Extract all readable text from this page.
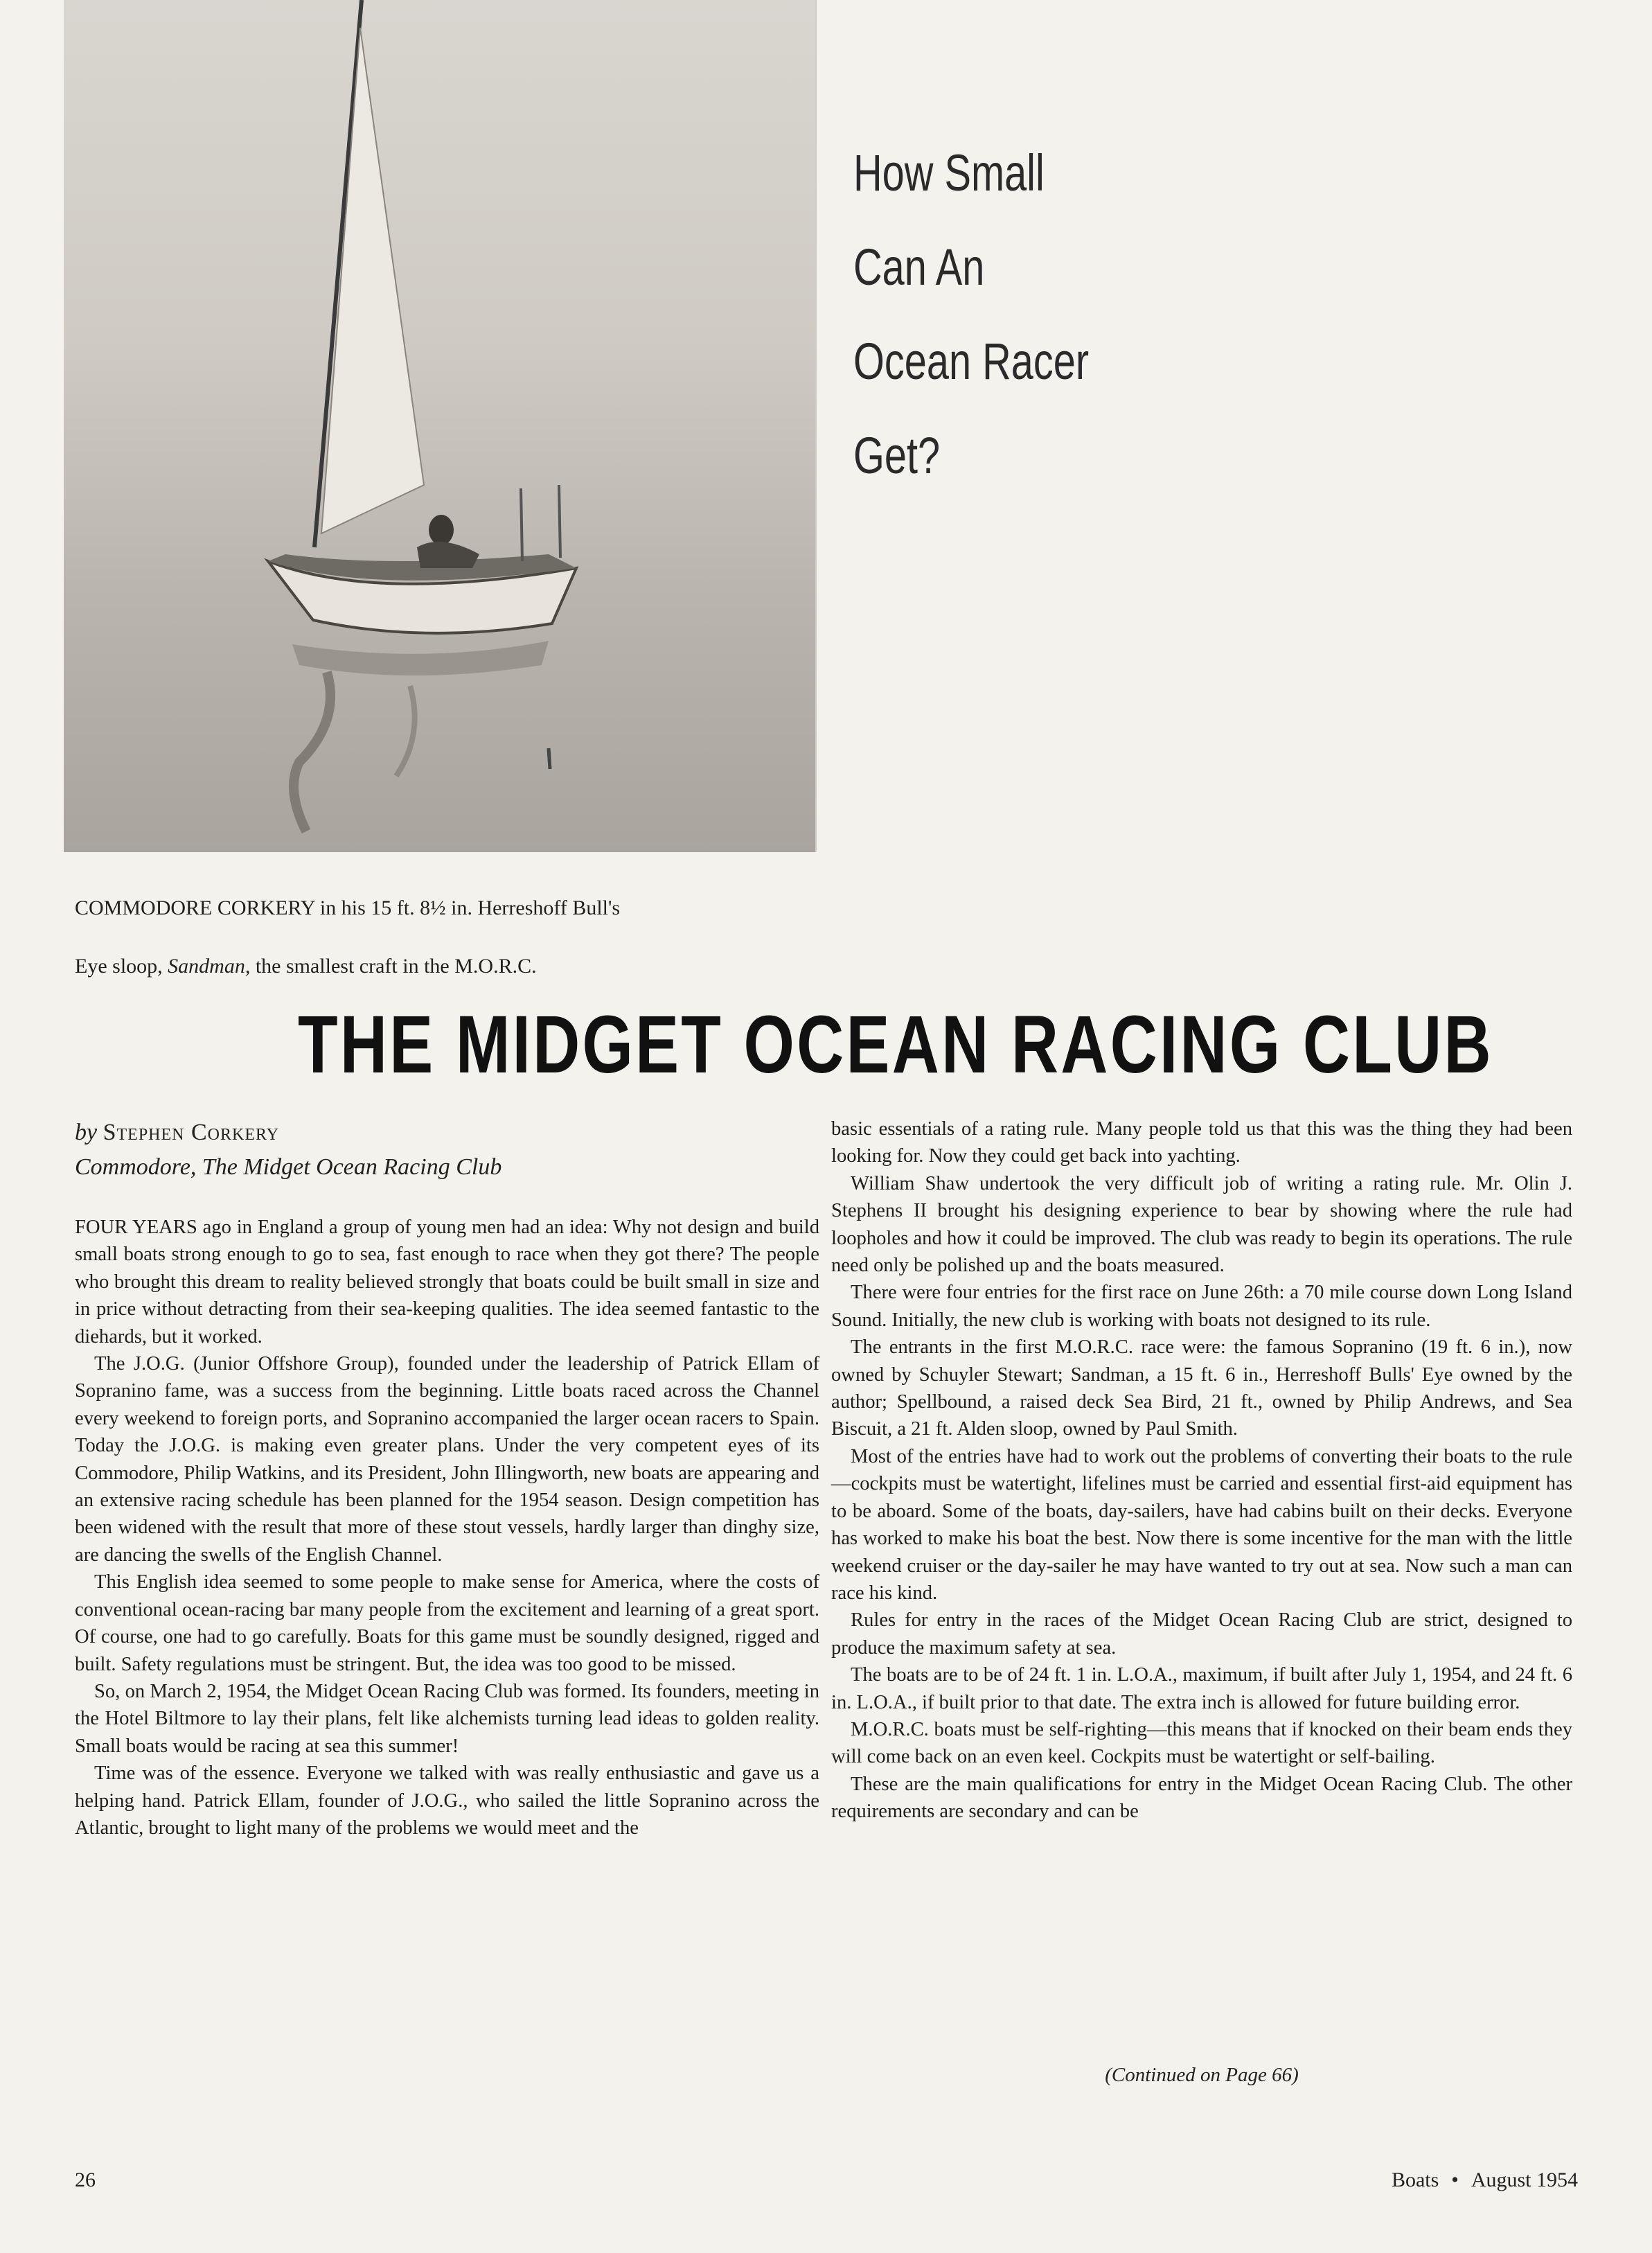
COMMODORE CORKERY in his 15 ft. 8½ in. Herreshoff Bull's

Eye sloop, Sandman, the smallest craft in the M.O.R.C.

How Small
Can An
Ocean Racer
Get?
THE MIDGET OCEAN RACING CLUB
by Stephen Corkery
Commodore, The Midget Ocean Racing Club

FOUR YEARS ago in England a group of young men had an idea: Why not design and build small boats strong enough to go to sea, fast enough to race when they got there? The people who brought this dream to reality believed strongly that boats could be built small in size and in price without detracting from their sea-keeping qualities. The idea seemed fantastic to the diehards, but it worked.

The J.O.G. (Junior Offshore Group), founded under the leadership of Patrick Ellam of Sopranino fame, was a success from the beginning. Little boats raced across the Channel every weekend to foreign ports, and Sopranino accompanied the larger ocean racers to Spain. Today the J.O.G. is making even greater plans. Under the very competent eyes of its Commodore, Philip Watkins, and its President, John Illingworth, new boats are appearing and an extensive racing schedule has been planned for the 1954 season. Design competition has been widened with the result that more of these stout vessels, hardly larger than dinghy size, are dancing the swells of the English Channel.

This English idea seemed to some people to make sense for America, where the costs of conventional ocean-racing bar many people from the excitement and learning of a great sport. Of course, one had to go carefully. Boats for this game must be soundly designed, rigged and built. Safety regulations must be stringent. But, the idea was too good to be missed.

So, on March 2, 1954, the Midget Ocean Racing Club was formed. Its founders, meeting in the Hotel Biltmore to lay their plans, felt like alchemists turning lead ideas to golden reality. Small boats would be racing at sea this summer!

Time was of the essence. Everyone we talked with was really enthusiastic and gave us a helping hand. Patrick Ellam, founder of J.O.G., who sailed the little Sopranino across the Atlantic, brought to light many of the problems we would meet and the

basic essentials of a rating rule. Many people told us that this was the thing they had been looking for. Now they could get back into yachting.

William Shaw undertook the very difficult job of writing a rating rule. Mr. Olin J. Stephens II brought his designing experience to bear by showing where the rule had loopholes and how it could be improved. The club was ready to begin its operations. The rule need only be polished up and the boats measured.

There were four entries for the first race on June 26th: a 70 mile course down Long Island Sound. Initially, the new club is working with boats not designed to its rule.

The entrants in the first M.O.R.C. race were: the famous Sopranino (19 ft. 6 in.), now owned by Schuyler Stewart; Sandman, a 15 ft. 6 in., Herreshoff Bulls' Eye owned by the author; Spellbound, a raised deck Sea Bird, 21 ft., owned by Philip Andrews, and Sea Biscuit, a 21 ft. Alden sloop, owned by Paul Smith.

Most of the entries have had to work out the problems of converting their boats to the rule—cockpits must be watertight, lifelines must be carried and essential first-aid equipment has to be aboard. Some of the boats, day-sailers, have had cabins built on their decks. Everyone has worked to make his boat the best. Now there is some incentive for the man with the little weekend cruiser or the day-sailer he may have wanted to try out at sea. Now such a man can race his kind.

Rules for entry in the races of the Midget Ocean Racing Club are strict, designed to produce the maximum safety at sea.

The boats are to be of 24 ft. 1 in. L.O.A., maximum, if built after July 1, 1954, and 24 ft. 6 in. L.O.A., if built prior to that date. The extra inch is allowed for future building error.

M.O.R.C. boats must be self-righting—this means that if knocked on their beam ends they will come back on an even keel. Cockpits must be watertight or self-bailing.

These are the main qualifications for entry in the Midget Ocean Racing Club. The other requirements are secondary and can be

(Continued on Page 66)
26	Boats • August 1954
